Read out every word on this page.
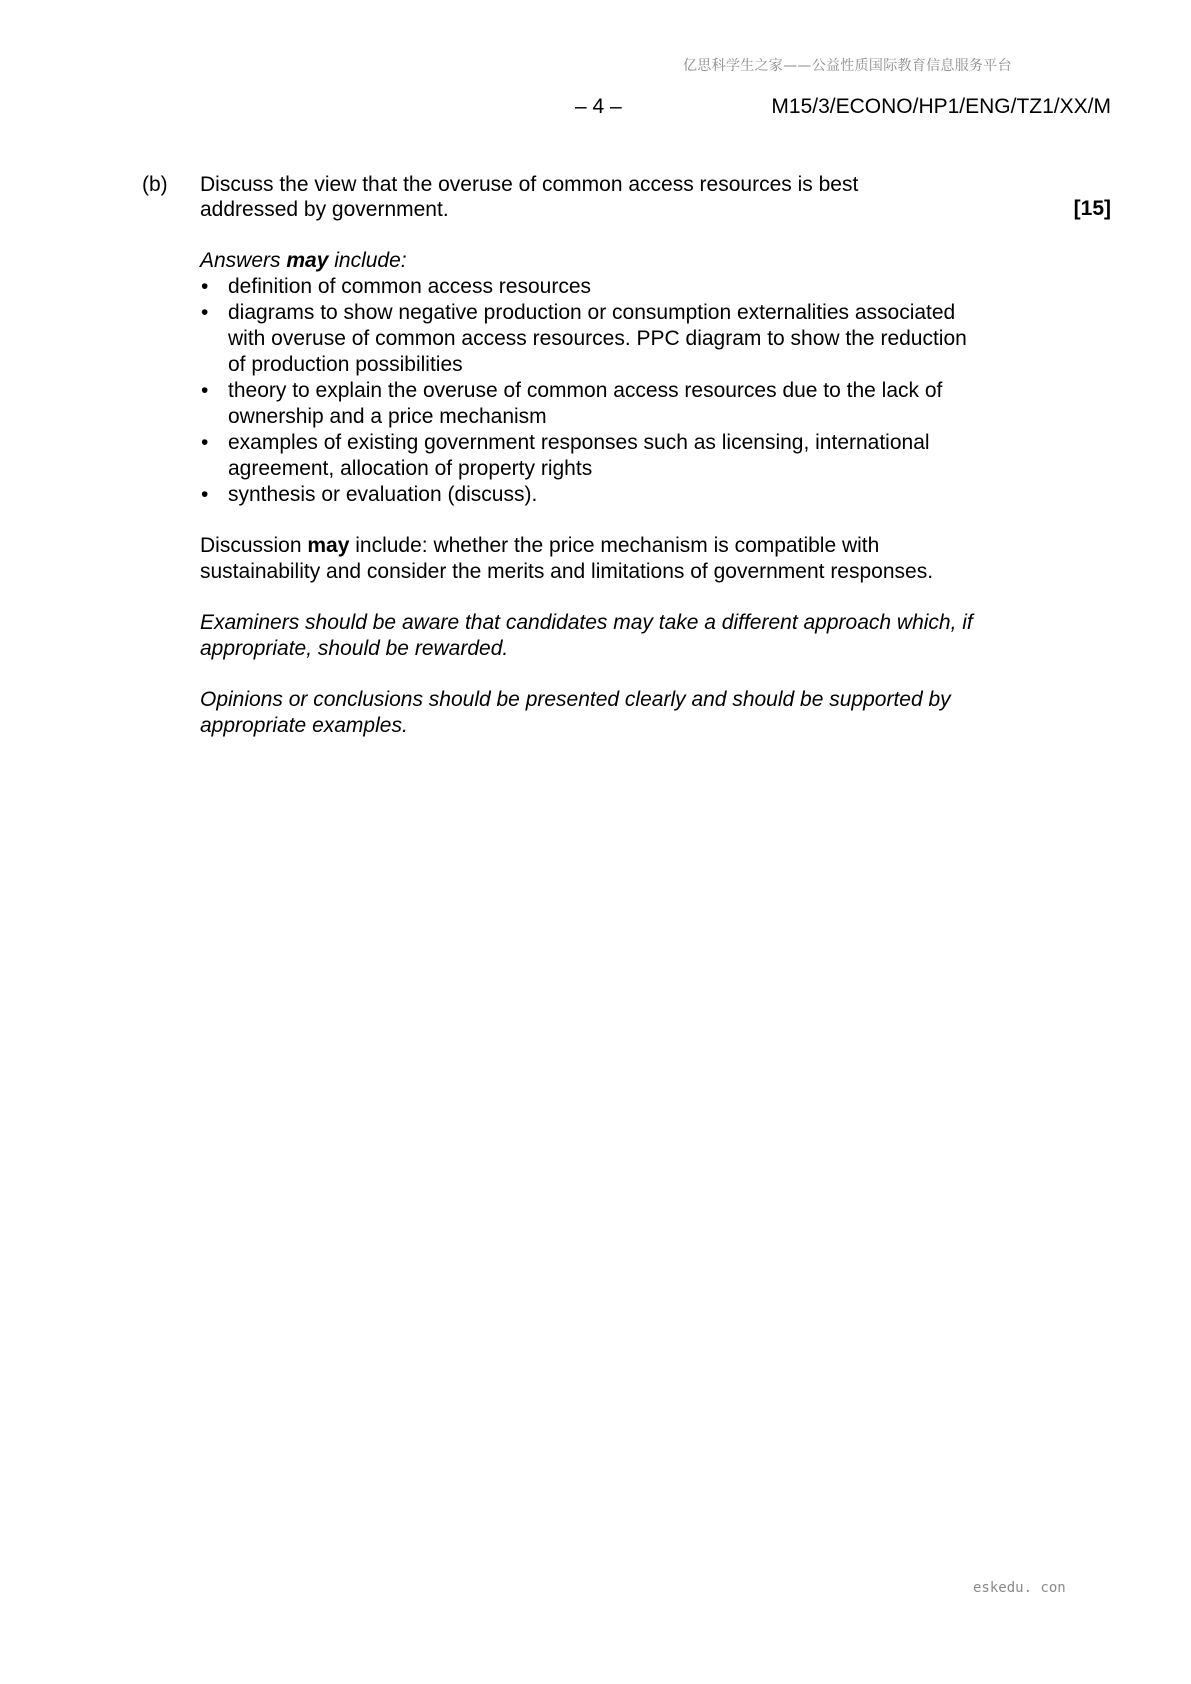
亿思科学生之家——公益性质国际教育信息服务平台
– 4 –	M15/3/ECONO/HP1/ENG/TZ1/XX/M
(b) Discuss the view that the overuse of common access resources is best
addressed by government.	[15]
Answers may include:
• definition of common access resources
• diagrams to show negative production or consumption externalities associated with overuse of common access resources. PPC diagram to show the reduction of production possibilities
• theory to explain the overuse of common access resources due to the lack of ownership and a price mechanism
• examples of existing government responses such as licensing, international agreement, allocation of property rights
• synthesis or evaluation (discuss).
Discussion may include: whether the price mechanism is compatible with sustainability and consider the merits and limitations of government responses.
Examiners should be aware that candidates may take a different approach which, if appropriate, should be rewarded.
Opinions or conclusions should be presented clearly and should be supported by appropriate examples.
eskedu. con
